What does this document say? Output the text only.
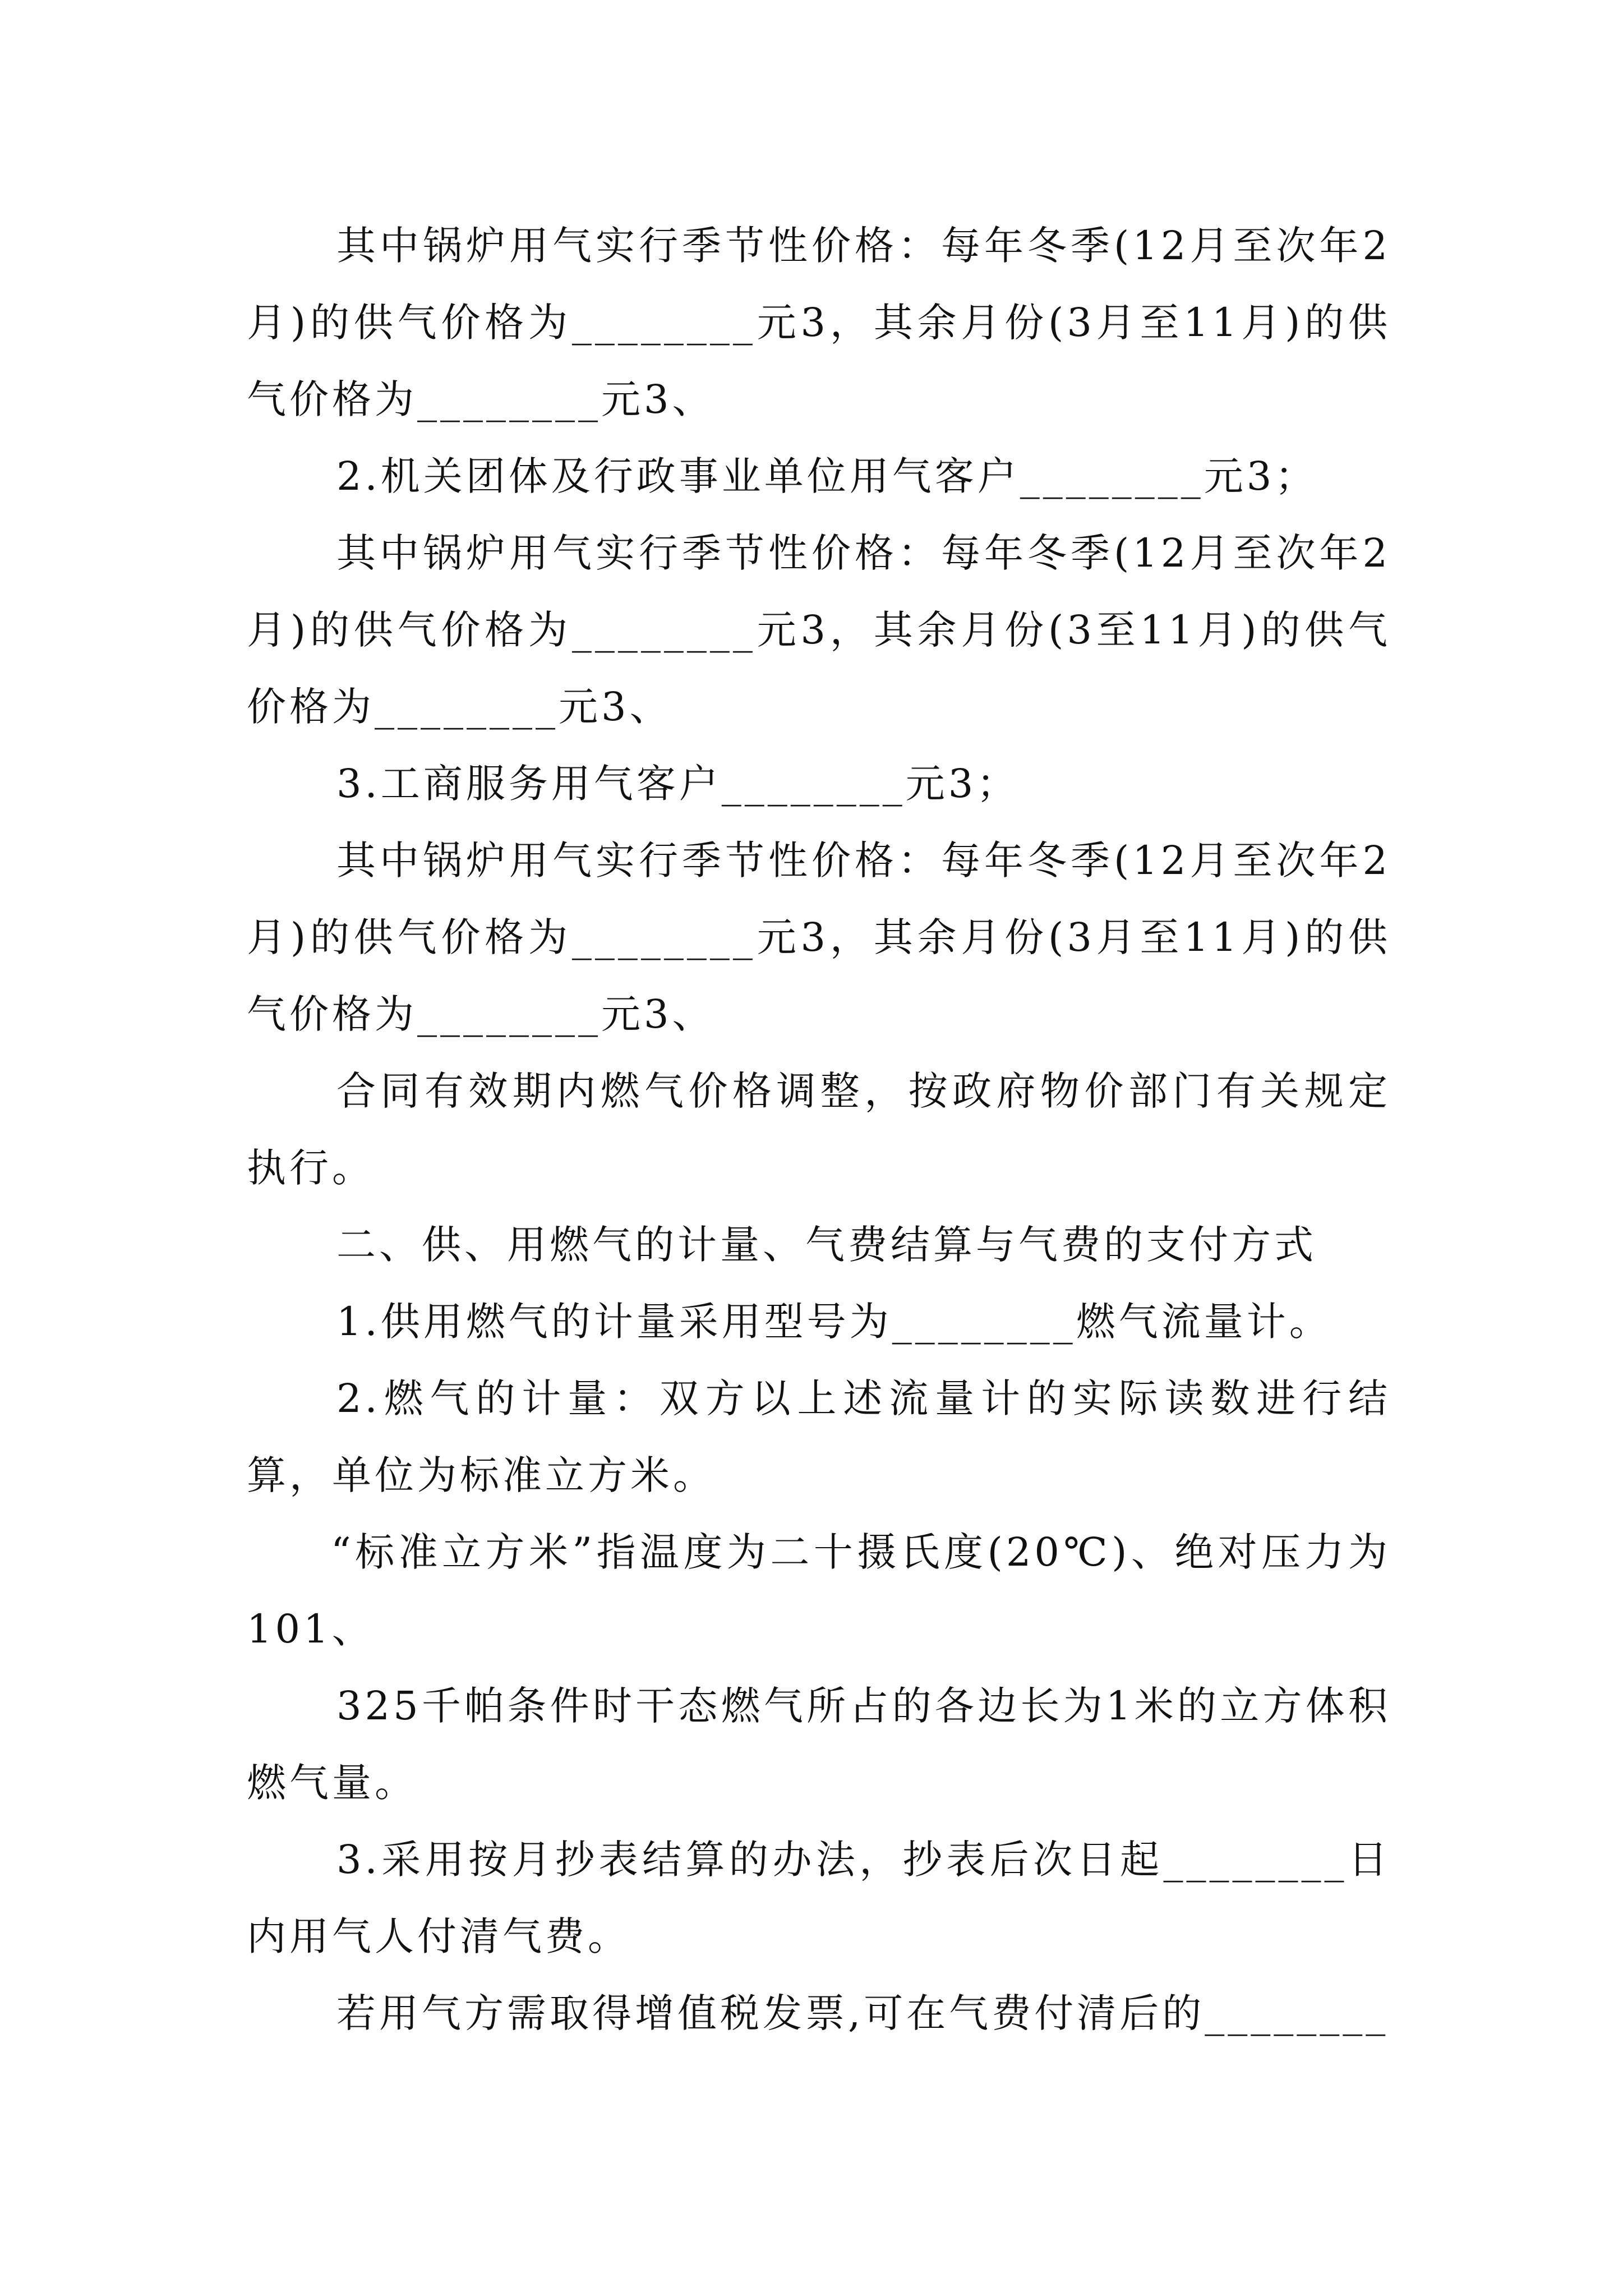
其中锅炉用气实行季节性价格：每年冬季(12月至次年2月)的供气价格为________元3，其余月份(3月至11月)的供气价格为________元3、

2.机关团体及行政事业单位用气客户________元3；

其中锅炉用气实行季节性价格：每年冬季(12月至次年2月)的供气价格为________元3，其余月份(3至11月)的供气价格为________元3、

3.工商服务用气客户________元3；

其中锅炉用气实行季节性价格：每年冬季(12月至次年2月)的供气价格为________元3，其余月份(3月至11月)的供气价格为________元3、

合同有效期内燃气价格调整，按政府物价部门有关规定执行。

二、供、用燃气的计量、气费结算与气费的支付方式

1.供用燃气的计量采用型号为________燃气流量计。

2.燃气的计量：双方以上述流量计的实际读数进行结算，单位为标准立方米。

“标准立方米”指温度为二十摄氏度(20℃)、绝对压力为101、

325千帕条件时干态燃气所占的各边长为1米的立方体积燃气量。

3.采用按月抄表结算的办法，抄表后次日起________日内用气人付清气费。

若用气方需取得增值税发票,可在气费付清后的________
